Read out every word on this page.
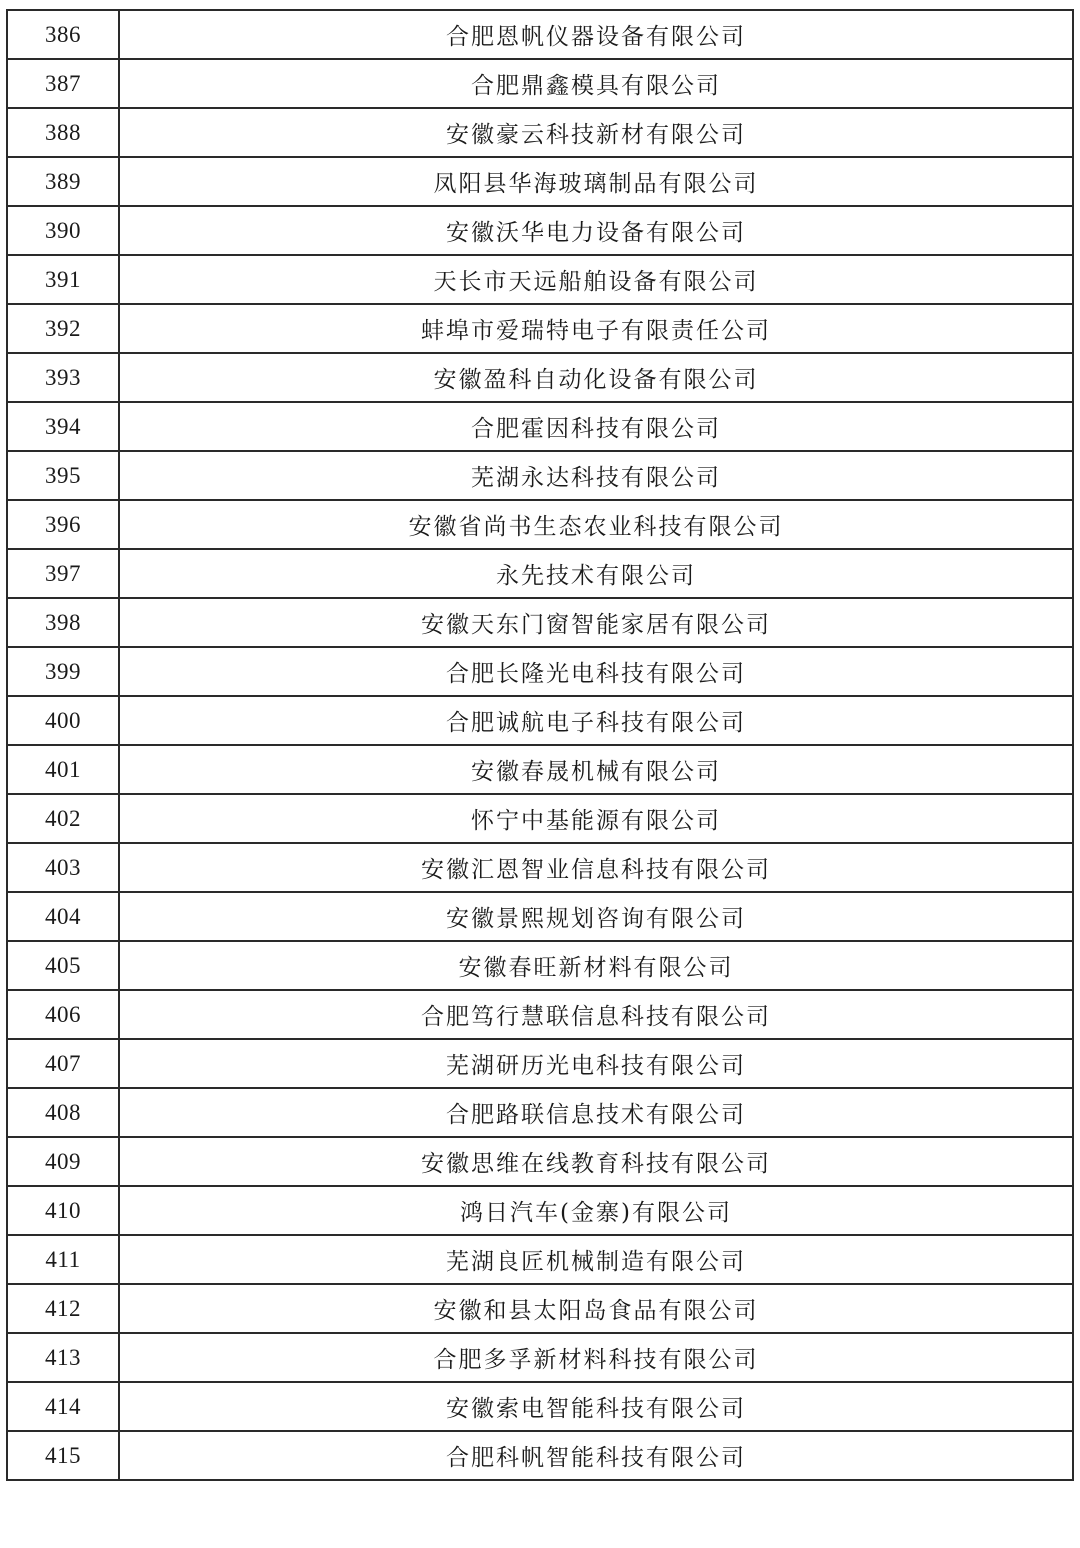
386	合肥恩帆仪器设备有限公司
387	合肥鼎鑫模具有限公司
388	安徽豪云科技新材有限公司
389	凤阳县华海玻璃制品有限公司
390	安徽沃华电力设备有限公司
391	天长市天远船舶设备有限公司
392	蚌埠市爱瑞特电子有限责任公司
393	安徽盈科自动化设备有限公司
394	合肥霍因科技有限公司
395	芜湖永达科技有限公司
396	安徽省尚书生态农业科技有限公司
397	永先技术有限公司
398	安徽天东门窗智能家居有限公司
399	合肥长隆光电科技有限公司
400	合肥诚航电子科技有限公司
401	安徽春晟机械有限公司
402	怀宁中基能源有限公司
403	安徽汇恩智业信息科技有限公司
404	安徽景熙规划咨询有限公司
405	安徽春旺新材料有限公司
406	合肥笃行慧联信息科技有限公司
407	芜湖研历光电科技有限公司
408	合肥路联信息技术有限公司
409	安徽思维在线教育科技有限公司
410	鸿日汽车(金寨)有限公司
411	芜湖良匠机械制造有限公司
412	安徽和县太阳岛食品有限公司
413	合肥多孚新材料科技有限公司
414	安徽索电智能科技有限公司
415	合肥科帆智能科技有限公司
